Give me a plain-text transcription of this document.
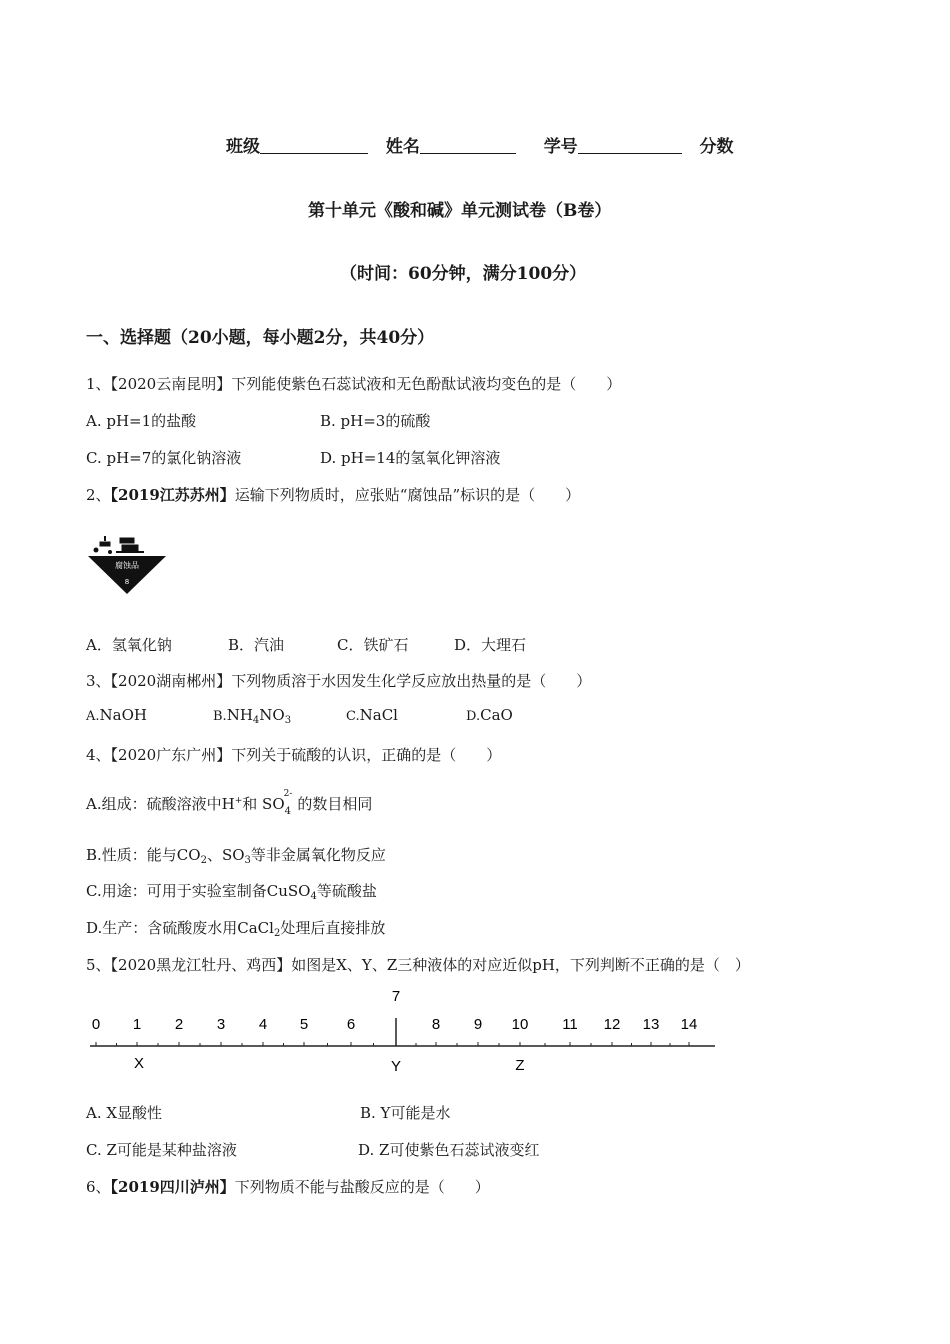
班级	姓名	学号	分数
第十单元《酸和碱》单元测试卷（B卷）
（时间：60分钟，满分100分）
一、选择题（20小题，每小题2分，共40分）
1、【2020云南昆明】下列能使紫色石蕊试液和无色酚酞试液均变色的是（　　）
A. pH=1的盐酸	B. pH=3的硫酸
C. pH=7的氯化钠溶液	D. pH=14的氢氧化钾溶液
2、【2019江苏苏州】运输下列物质时，应张贴“腐蚀品”标识的是（　　）
腐蚀品
8
A．氢氧化钠	B．汽油	C．铁矿石	D．大理石
3、【2020湖南郴州】下列物质溶于水因发生化学反应放出热量的是（　　）
A.NaOH	$B.NH_4NO_3$	C.NaCl	D.CaO
4、【2020广东广州】下列关于硫酸的认识，正确的是（　　）
A.组成：硫酸溶液中H+和 SO
2-
4 的数目相同
B.性质：能与$CO_2$、$SO_3$等非金属氧化物反应
C.用途：可用于实验室制备CuSO$_4$等硫酸盐
D.生产：含硫酸废水用CaCl$_2$处理后直接排放
5、【2020黑龙江牡丹、鸡西】如图是X、Y、Z三种液体的对应近似pH，下列判断不正确的是（　）
0 1 2 3 4 5	6
7
8 9 10 11 12 13 14
X	Y	Z
A. X显酸性	B. Y可能是水
C. Z可能是某种盐溶液	D. Z可使紫色石蕊试液变红
6、【2019四川泸州】下列物质不能与盐酸反应的是（　　）
